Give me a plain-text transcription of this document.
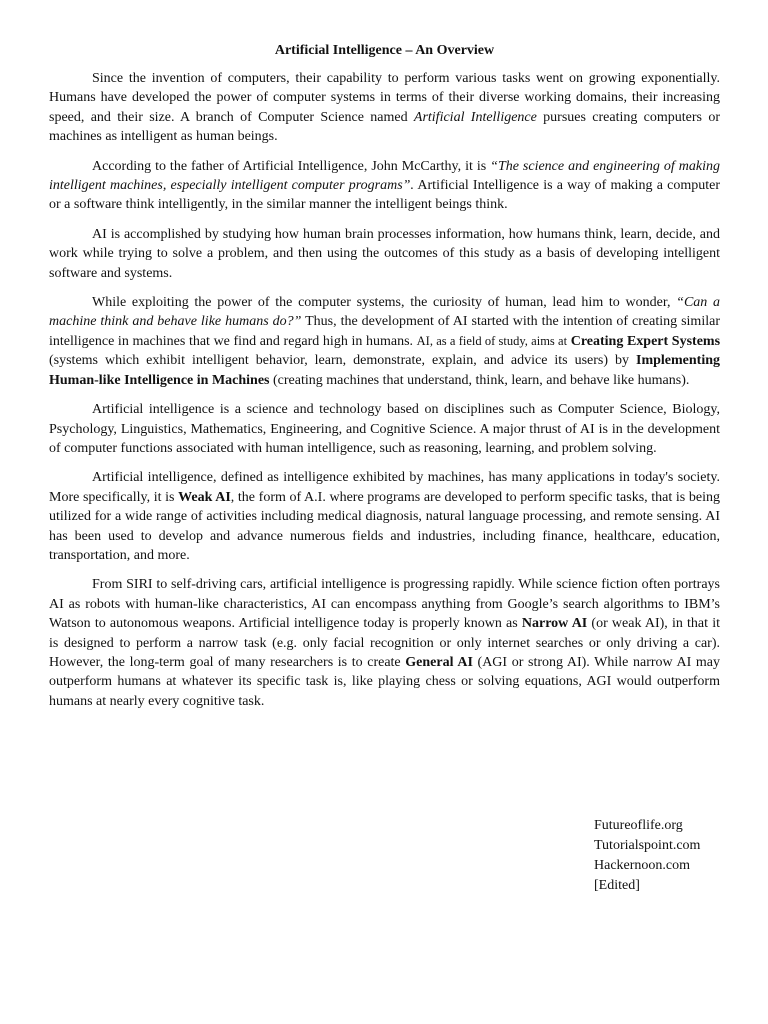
Artificial Intelligence – An Overview

Since the invention of computers, their capability to perform various tasks went on growing exponentially. Humans have developed the power of computer systems in terms of their diverse working domains, their increasing speed, and their size. A branch of Computer Science named Artificial Intelligence pursues creating computers or machines as intelligent as human beings.

According to the father of Artificial Intelligence, John McCarthy, it is “The science and engineering of making intelligent machines, especially intelligent computer programs”. Artificial Intelligence is a way of making a computer or a software think intelligently, in the similar manner the intelligent beings think.

AI is accomplished by studying how human brain processes information, how humans think, learn, decide, and work while trying to solve a problem, and then using the outcomes of this study as a basis of developing intelligent software and systems.

While exploiting the power of the computer systems, the curiosity of human, lead him to wonder, “Can a machine think and behave like humans do?” Thus, the development of AI started with the intention of creating similar intelligence in machines that we find and regard high in humans. AI, as a field of study, aims at Creating Expert Systems (systems which exhibit intelligent behavior, learn, demonstrate, explain, and advice its users) by Implementing Human-like Intelligence in Machines (creating machines that understand, think, learn, and behave like humans).

Artificial intelligence is a science and technology based on disciplines such as Computer Science, Biology, Psychology, Linguistics, Mathematics, Engineering, and Cognitive Science. A major thrust of AI is in the development of computer functions associated with human intelligence, such as reasoning, learning, and problem solving.

Artificial intelligence, defined as intelligence exhibited by machines, has many applications in today's society. More specifically, it is Weak AI, the form of A.I. where programs are developed to perform specific tasks, that is being utilized for a wide range of activities including medical diagnosis, natural language processing, and remote sensing. AI has been used to develop and advance numerous fields and industries, including finance, healthcare, education, transportation, and more.

From SIRI to self-driving cars, artificial intelligence is progressing rapidly. While science fiction often portrays AI as robots with human-like characteristics, AI can encompass anything from Google’s search algorithms to IBM’s Watson to autonomous weapons. Artificial intelligence today is properly known as Narrow AI (or weak AI), in that it is designed to perform a narrow task (e.g. only facial recognition or only internet searches or only driving a car). However, the long-term goal of many researchers is to create General AI (AGI or strong AI). While narrow AI may outperform humans at whatever its specific task is, like playing chess or solving equations, AGI would outperform humans at nearly every cognitive task.

Futureoflife.org
Tutorialspoint.com
Hackernoon.com
[Edited]
